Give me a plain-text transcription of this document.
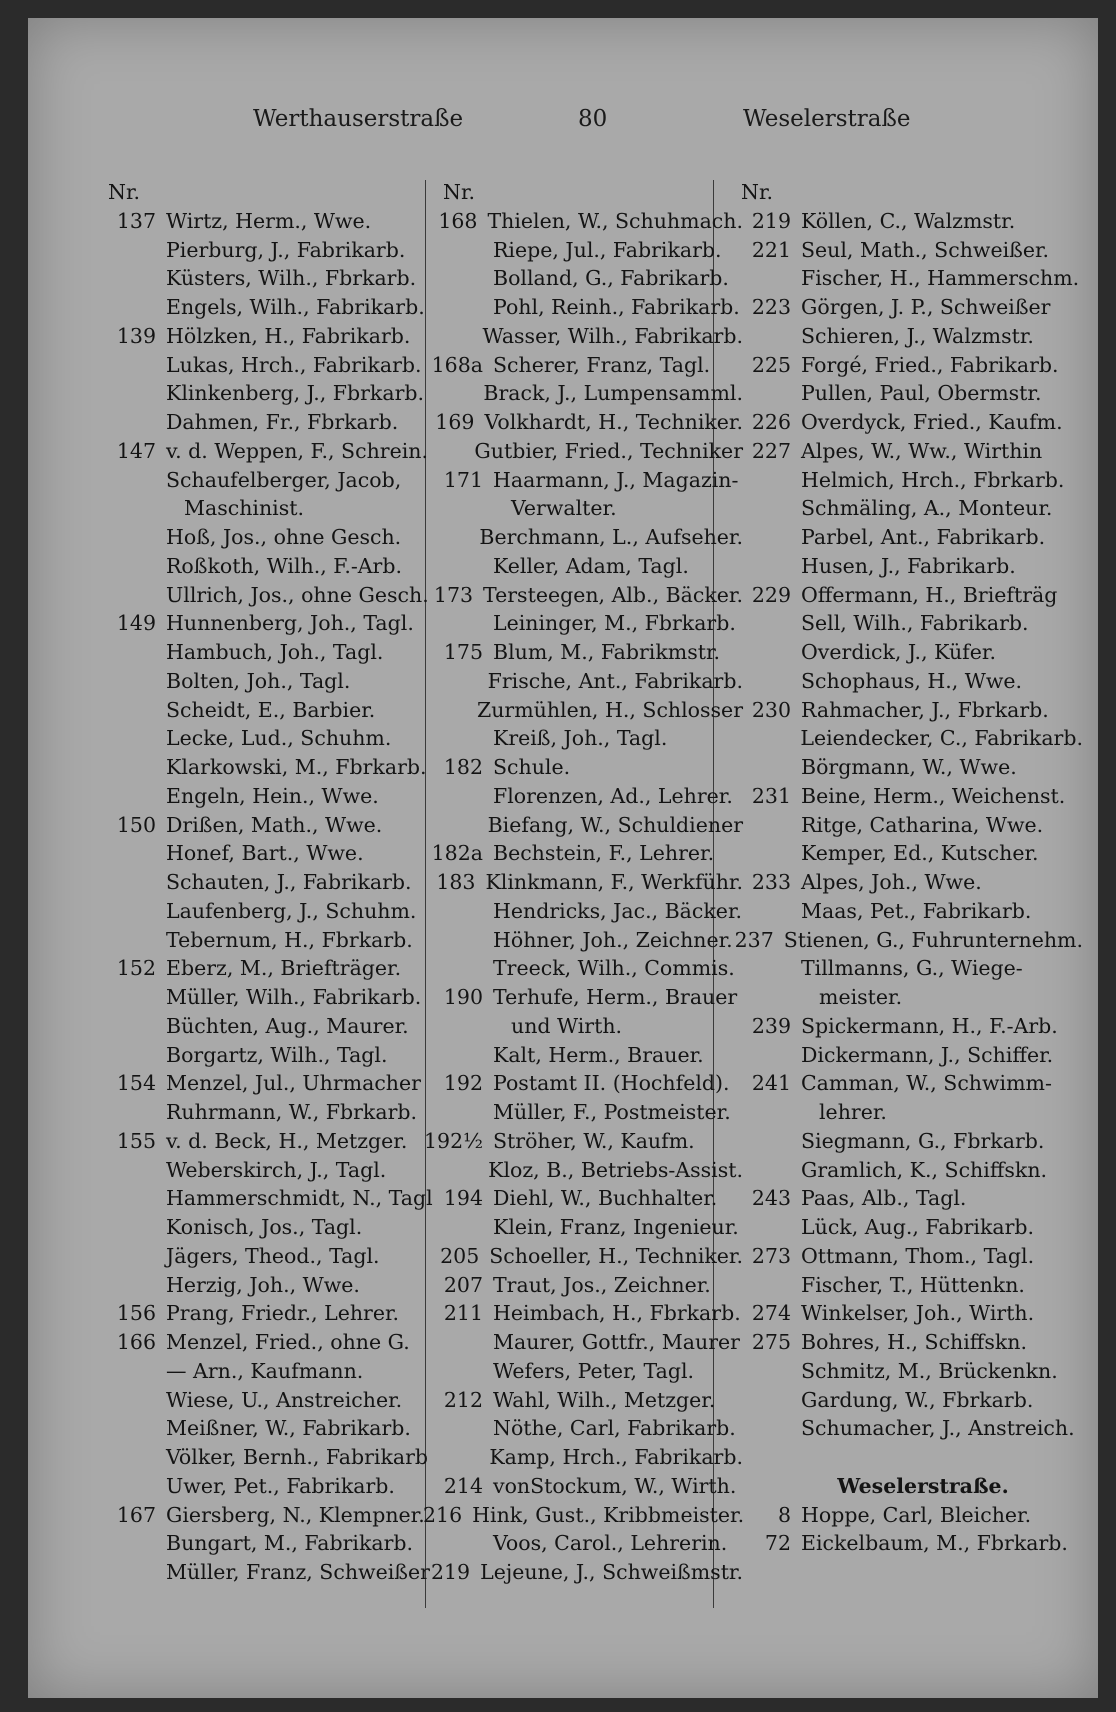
Werthauserstraße	80	Weselerstraße
Nr.
137 Wirtz, Herm., Wwe.
Pierburg, J., Fabrikarb.
Küsters, Wilh., Fbrkarb.
Engels, Wilh., Fabrikarb.
139 Hölzken, H., Fabrikarb.
Lukas, Hrch., Fabrikarb.
Klinkenberg, J., Fbrkarb.
Dahmen, Fr., Fbrkarb.
147 v. d. Weppen, F., Schrein.
Schaufelberger, Jacob,
Maschinist.
Hoß, Jos., ohne Gesch.
Roßkoth, Wilh., F.-Arb.
Ullrich, Jos., ohne Gesch.
149 Hunnenberg, Joh., Tagl.
Hambuch, Joh., Tagl.
Bolten, Joh., Tagl.
Scheidt, E., Barbier.
Lecke, Lud., Schuhm.
Klarkowski, M., Fbrkarb.
Engeln, Hein., Wwe.
150 Drißen, Math., Wwe.
Honef, Bart., Wwe.
Schauten, J., Fabrikarb.
Laufenberg, J., Schuhm.
Tebernum, H., Fbrkarb.
152 Eberz, M., Briefträger.
Müller, Wilh., Fabrikarb.
Büchten, Aug., Maurer.
Borgartz, Wilh., Tagl.
154 Menzel, Jul., Uhrmacher
Ruhrmann, W., Fbrkarb.
155 v. d. Beck, H., Metzger.
Weberskirch, J., Tagl.
Hammerschmidt, N., Tagl
Konisch, Jos., Tagl.
Jägers, Theod., Tagl.
Herzig, Joh., Wwe.
156 Prang, Friedr., Lehrer.
166 Menzel, Fried., ohne G.
— Arn., Kaufmann.
Wiese, U., Anstreicher.
Meißner, W., Fabrikarb.
Völker, Bernh., Fabrikarb
Uwer, Pet., Fabrikarb.
167 Giersberg, N., Klempner.
Bungart, M., Fabrikarb.
Müller, Franz, Schweißer
Nr.
168 Thielen, W., Schuhmach.
Riepe, Jul., Fabrikarb.
Bolland, G., Fabrikarb.
Pohl, Reinh., Fabrikarb.
Wasser, Wilh., Fabrikarb.
168a Scherer, Franz, Tagl.
Brack, J., Lumpensamml.
169 Volkhardt, H., Techniker.
Gutbier, Fried., Techniker
171 Haarmann, J., Magazin-
Verwalter.
Berchmann, L., Aufseher.
Keller, Adam, Tagl.
173 Tersteegen, Alb., Bäcker.
Leininger, M., Fbrkarb.
175 Blum, M., Fabrikmstr.
Frische, Ant., Fabrikarb.
Zurmühlen, H., Schlosser
Kreiß, Joh., Tagl.
182 Schule.
Florenzen, Ad., Lehrer.
Biefang, W., Schuldiener
182a Bechstein, F., Lehrer.
183 Klinkmann, F., Werkführ.
Hendricks, Jac., Bäcker.
Höhner, Joh., Zeichner.
Treeck, Wilh., Commis.
190 Terhufe, Herm., Brauer
und Wirth.
Kalt, Herm., Brauer.
192 Postamt II. (Hochfeld).
Müller, F., Postmeister.
192½ Ströher, W., Kaufm.
Kloz, B., Betriebs-Assist.
194 Diehl, W., Buchhalter.
Klein, Franz, Ingenieur.
205 Schoeller, H., Techniker.
207 Traut, Jos., Zeichner.
211 Heimbach, H., Fbrkarb.
Maurer, Gottfr., Maurer
Wefers, Peter, Tagl.
212 Wahl, Wilh., Metzger.
Nöthe, Carl, Fabrikarb.
Kamp, Hrch., Fabrikarb.
214 vonStockum, W., Wirth.
216 Hink, Gust., Kribbmeister.
Voos, Carol., Lehrerin.
219 Lejeune, J., Schweißmstr.
Nr.
219 Köllen, C., Walzmstr.
221 Seul, Math., Schweißer.
Fischer, H., Hammerschm.
223 Görgen, J. P., Schweißer
Schieren, J., Walzmstr.
225 Forgé, Fried., Fabrikarb.
Pullen, Paul, Obermstr.
226 Overdyck, Fried., Kaufm.
227 Alpes, W., Ww., Wirthin
Helmich, Hrch., Fbrkarb.
Schmäling, A., Monteur.
Parbel, Ant., Fabrikarb.
Husen, J., Fabrikarb.
229 Offermann, H., Briefträg
Sell, Wilh., Fabrikarb.
Overdick, J., Küfer.
Schophaus, H., Wwe.
230 Rahmacher, J., Fbrkarb.
Leiendecker, C., Fabrikarb.
Börgmann, W., Wwe.
231 Beine, Herm., Weichenst.
Ritge, Catharina, Wwe.
Kemper, Ed., Kutscher.
233 Alpes, Joh., Wwe.
Maas, Pet., Fabrikarb.
237 Stienen, G., Fuhrunternehm.
Tillmanns, G., Wiege-
meister.
239 Spickermann, H., F.-Arb.
Dickermann, J., Schiffer.
241 Camman, W., Schwimm-
lehrer.
Siegmann, G., Fbrkarb.
Gramlich, K., Schiffskn.
243 Paas, Alb., Tagl.
Lück, Aug., Fabrikarb.
273 Ottmann, Thom., Tagl.
Fischer, T., Hüttenkn.
274 Winkelser, Joh., Wirth.
275 Bohres, H., Schiffskn.
Schmitz, M., Brückenkn.
Gardung, W., Fbrkarb.
Schumacher, J., Anstreich.
Weselerstraße.
8 Hoppe, Carl, Bleicher.
72 Eickelbaum, M., Fbrkarb.
